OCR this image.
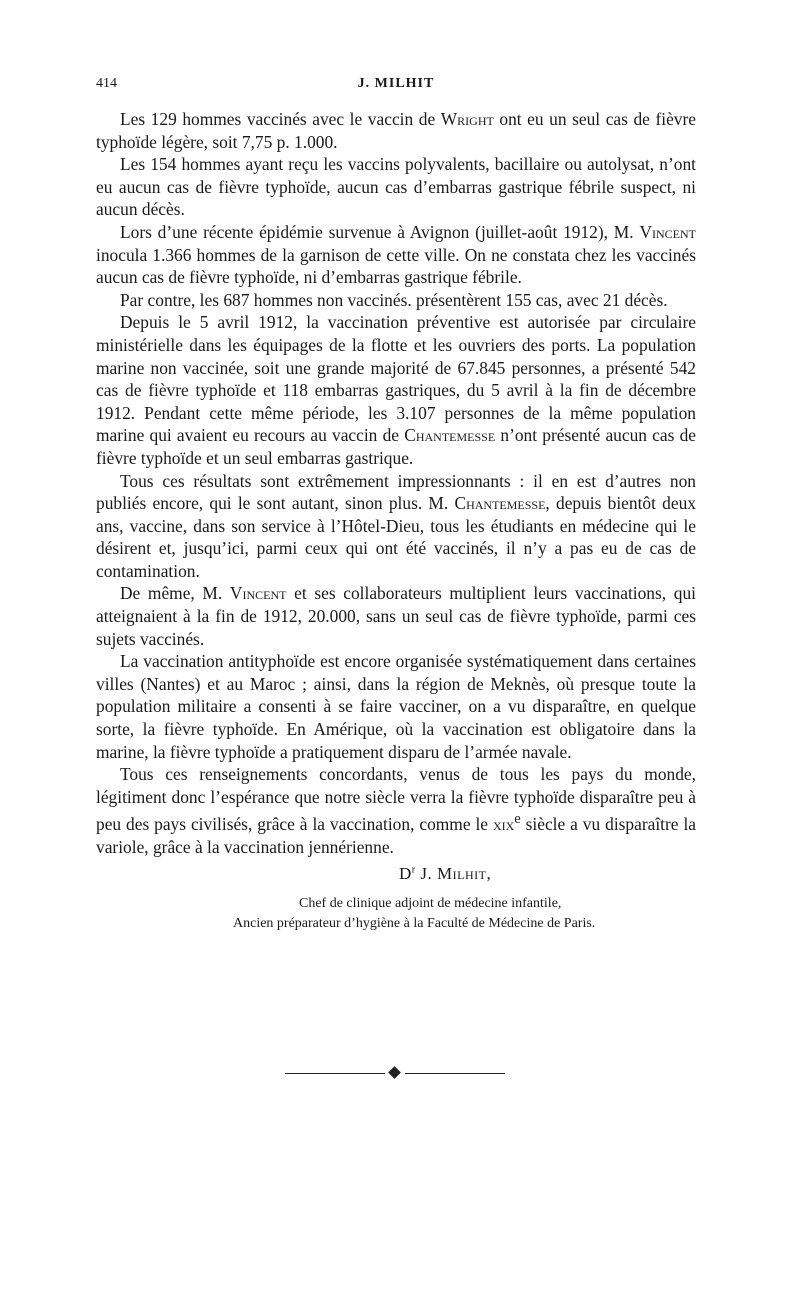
414	J. MILHIT

Les 129 hommes vaccinés avec le vaccin de Wright ont eu un seul cas de fièvre typhoïde légère, soit 7,75 p. 1.000.

Les 154 hommes ayant reçu les vaccins polyvalents, bacillaire ou autolysat, n’ont eu aucun cas de fièvre typhoïde, aucun cas d’embarras gastrique fébrile suspect, ni aucun décès.

Lors d’une récente épidémie survenue à Avignon (juillet-août 1912), M. Vincent inocula 1.366 hommes de la garnison de cette ville. On ne constata chez les vaccinés aucun cas de fièvre typhoïde, ni d’embarras gastrique fébrile.

Par contre, les 687 hommes non vaccinés. présentèrent 155 cas, avec 21 décès.

Depuis le 5 avril 1912, la vaccination préventive est autorisée par circulaire ministérielle dans les équipages de la flotte et les ouvriers des ports. La population marine non vaccinée, soit une grande majorité de 67.845 personnes, a présenté 542 cas de fièvre typhoïde et 118 embarras gastriques, du 5 avril à la fin de décembre 1912. Pendant cette même période, les 3.107 personnes de la même population marine qui avaient eu recours au vaccin de Chantemesse n’ont présenté aucun cas de fièvre typhoïde et un seul embarras gastrique.

Tous ces résultats sont extrêmement impressionnants : il en est d’autres non publiés encore, qui le sont autant, sinon plus. M. Chantemesse, depuis bientôt deux ans, vaccine, dans son service à l’Hôtel-Dieu, tous les étudiants en médecine qui le désirent et, jusqu’ici, parmi ceux qui ont été vaccinés, il n’y a pas eu de cas de contamination.

De même, M. Vincent et ses collaborateurs multiplient leurs vaccinations, qui atteignaient à la fin de 1912, 20.000, sans un seul cas de fièvre typhoïde, parmi ces sujets vaccinés.

La vaccination antityphoïde est encore organisée systématiquement dans certaines villes (Nantes) et au Maroc ; ainsi, dans la région de Meknès, où presque toute la population militaire a consenti à se faire vacciner, on a vu disparaître, en quelque sorte, la fièvre typhoïde. En Amérique, où la vaccination est obligatoire dans la marine, la fièvre typhoïde a pratiquement disparu de l’armée navale.

Tous ces renseignements concordants, venus de tous les pays du monde, légitiment donc l’espérance que notre siècle verra la fièvre typhoïde disparaître peu à peu des pays civilisés, grâce à la vaccination, comme le xix$^e$ siècle a vu disparaître la variole, grâce à la vaccination jennérienne.

$D^r$ J. Milhit,
Chef de clinique adjoint de médecine infantile,
Ancien préparateur d’hygiène à la Faculté de Médecine de Paris.
